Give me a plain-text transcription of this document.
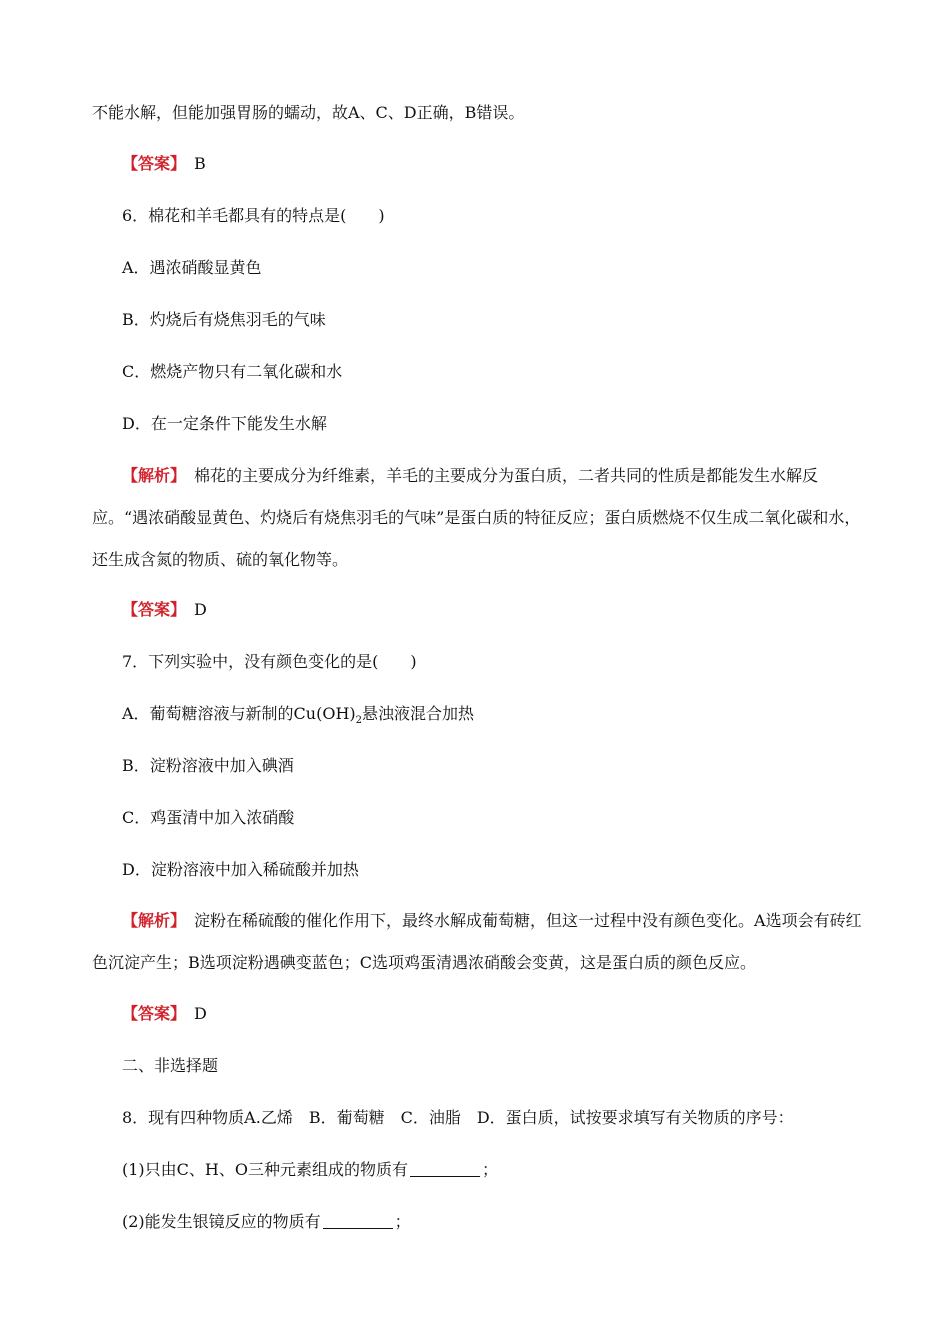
不能水解，但能加强胃肠的蠕动，故A、C、D正确，B错误。
【答案】 B
6．棉花和羊毛都具有的特点是(　　)
A．遇浓硝酸显黄色
B．灼烧后有烧焦羽毛的气味
C．燃烧产物只有二氧化碳和水
D．在一定条件下能发生水解
【解析】 棉花的主要成分为纤维素，羊毛的主要成分为蛋白质，二者共同的性质是都能发生水解反应。“遇浓硝酸显黄色、灼烧后有烧焦羽毛的气味”是蛋白质的特征反应；蛋白质燃烧不仅生成二氧化碳和水，还生成含氮的物质、硫的氧化物等。
【答案】 D
7．下列实验中，没有颜色变化的是(　　)
A．葡萄糖溶液与新制的$Cu(OH)_2$悬浊液混合加热
B．淀粉溶液中加入碘酒
C．鸡蛋清中加入浓硝酸
D．淀粉溶液中加入稀硫酸并加热
【解析】 淀粉在稀硫酸的催化作用下，最终水解成葡萄糖，但这一过程中没有颜色变化。A选项会有砖红色沉淀产生；B选项淀粉遇碘变蓝色；C选项鸡蛋清遇浓硝酸会变黄，这是蛋白质的颜色反应。
【答案】 D
二、非选择题
8．现有四种物质A.乙烯　B．葡萄糖　C．油脂　D．蛋白质，试按要求填写有关物质的序号：
(1)只由C、H、O三种元素组成的物质有	；
(2)能发生银镜反应的物质有	；
